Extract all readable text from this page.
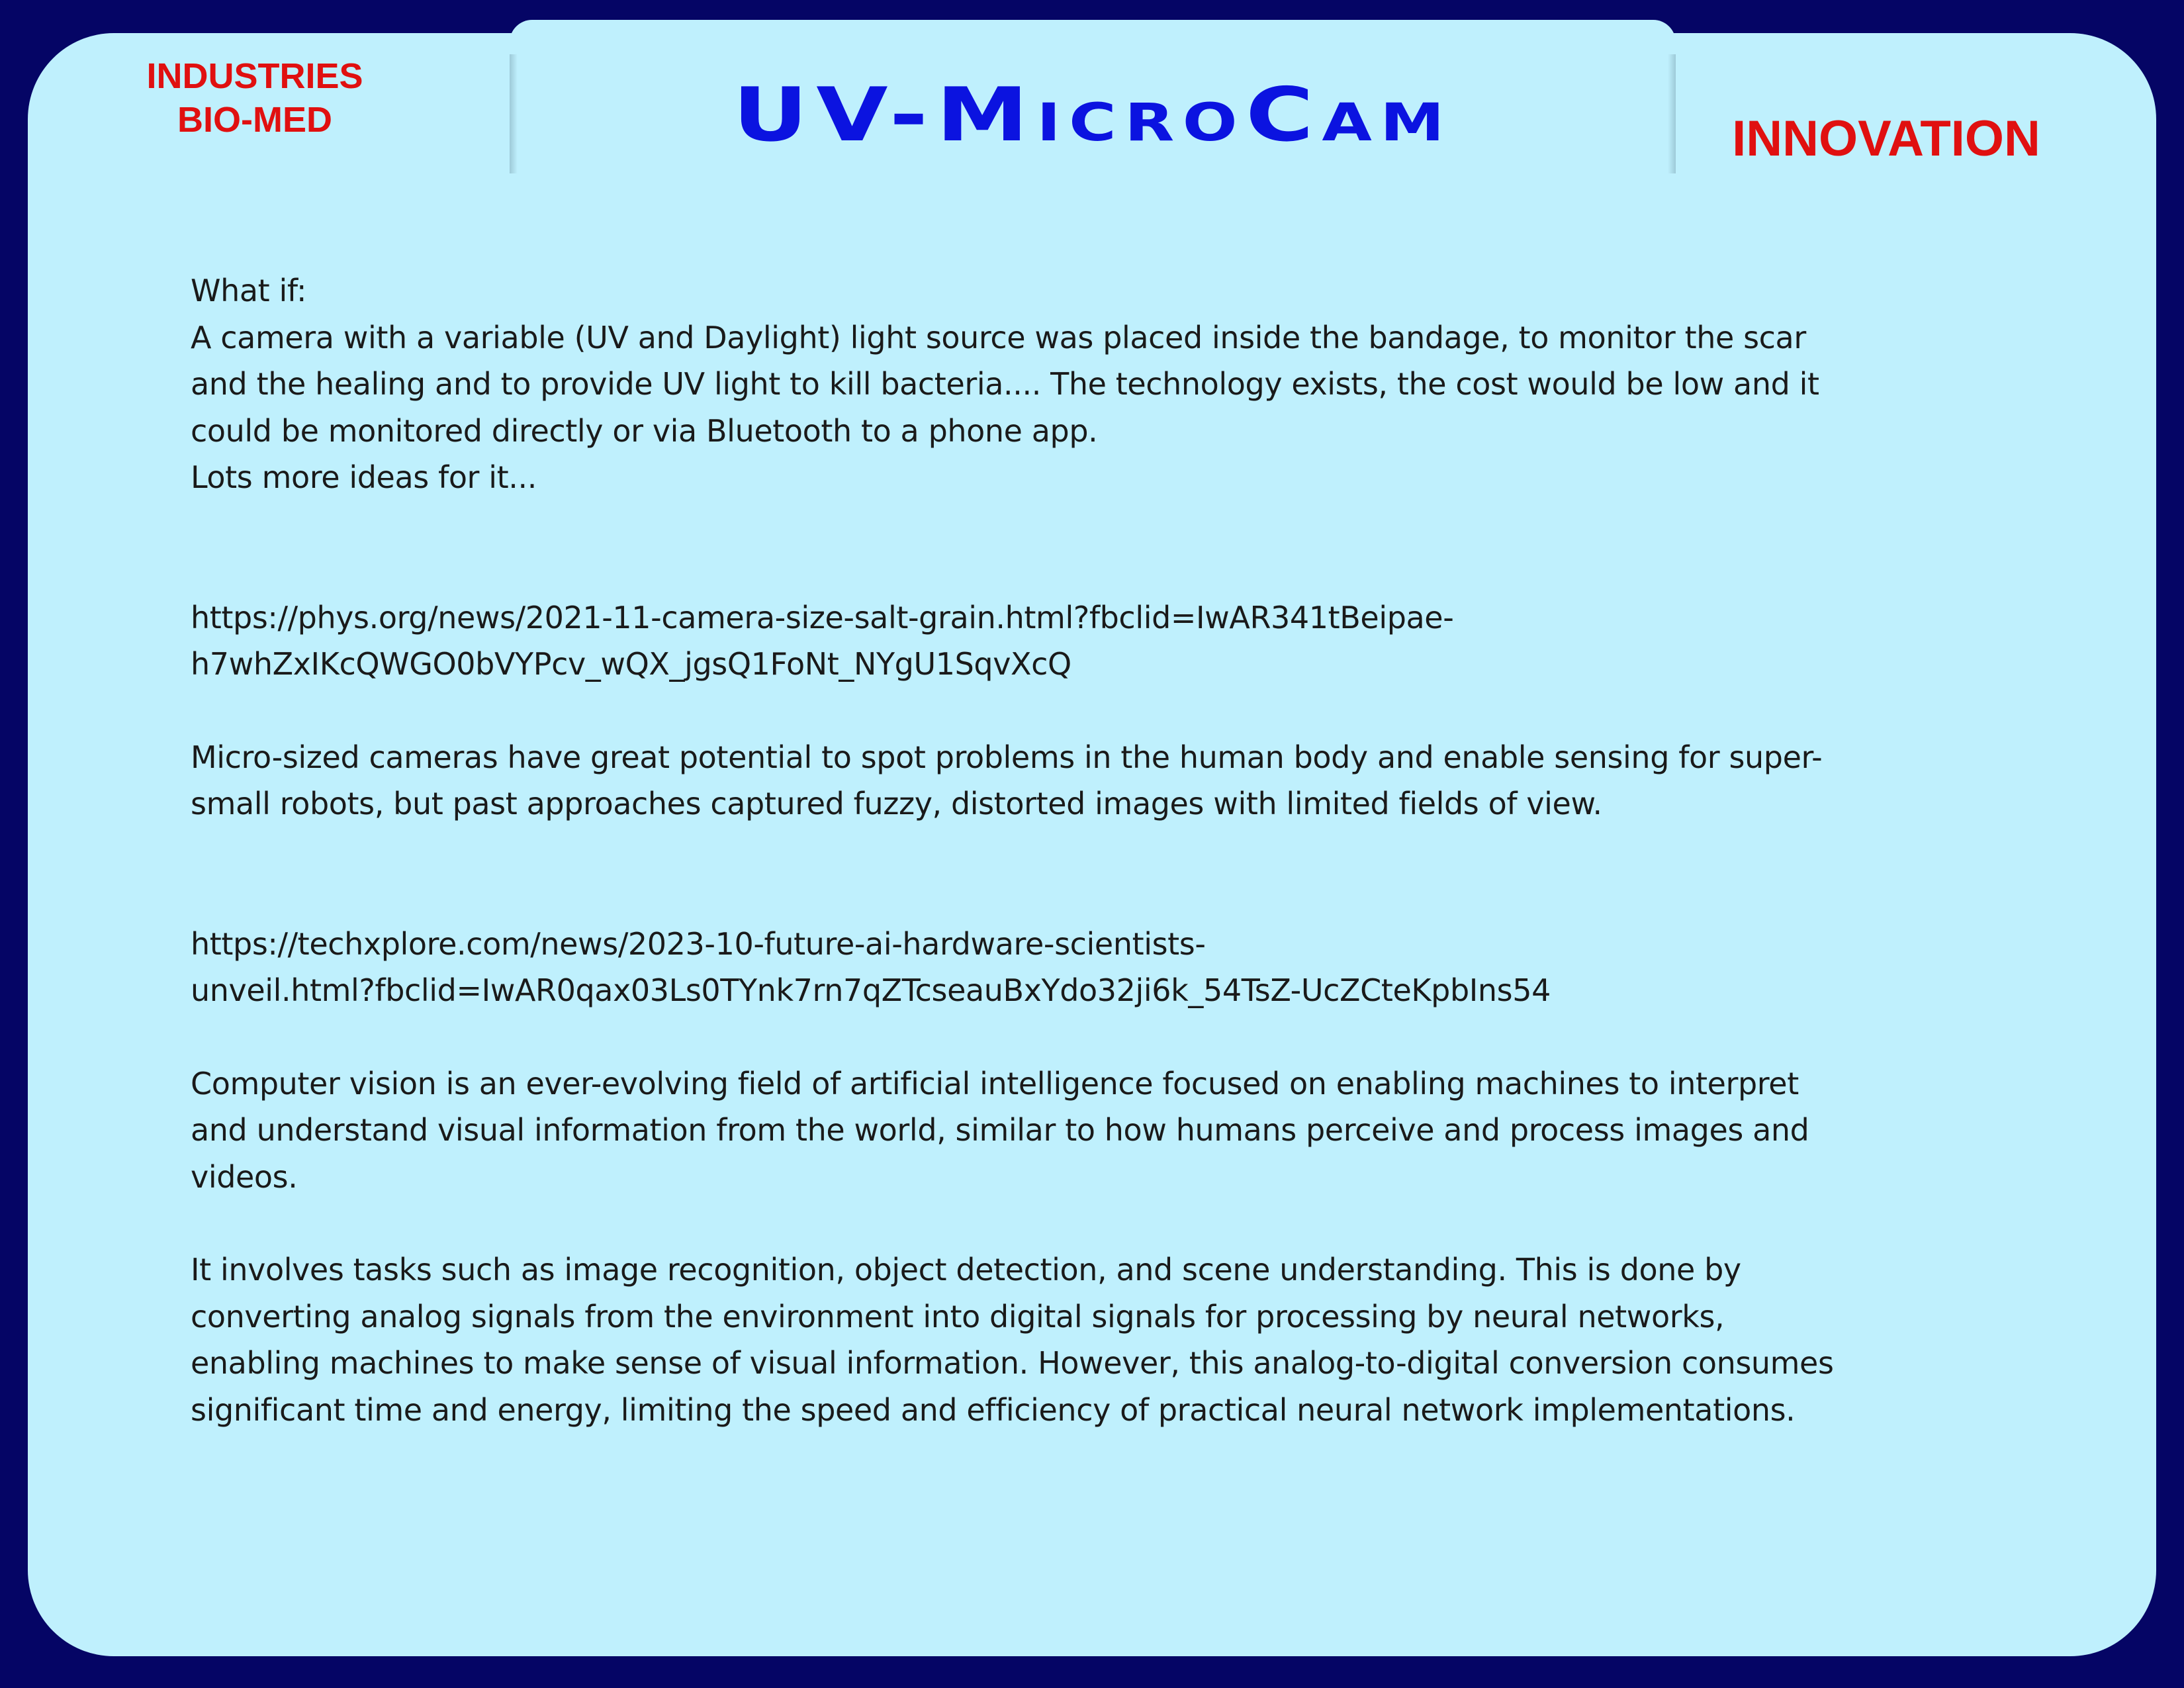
UV-MicroCam
INDUSTRIES
BIO-MED	INNOVATION
What if:
A camera with a variable (UV and Daylight) light source was placed inside the bandage, to monitor the scar
and the healing and to provide UV light to kill bacteria.... The technology exists, the cost would be low and it
could be monitored directly or via Bluetooth to a phone app.
Lots more ideas for it...
https://phys.org/news/2021-11-camera-size-salt-grain.html?fbclid=IwAR341tBeipae-
h7whZxIKcQWGO0bVYPcv_wQX_jgsQ1FoNt_NYgU1SqvXcQ
Micro-sized cameras have great potential to spot problems in the human body and enable sensing for super-
small robots, but past approaches captured fuzzy, distorted images with limited fields of view.
https://techxplore.com/news/2023-10-future-ai-hardware-scientists-
unveil.html?fbclid=IwAR0qax03Ls0TYnk7rn7qZTcseauBxYdo32ji6k_54TsZ-UcZCteKpbIns54
Computer vision is an ever-evolving field of artificial intelligence focused on enabling machines to interpret
and understand visual information from the world, similar to how humans perceive and process images and
videos.
It involves tasks such as image recognition, object detection, and scene understanding. This is done by
converting analog signals from the environment into digital signals for processing by neural networks,
enabling machines to make sense of visual information. However, this analog-to-digital conversion consumes
significant time and energy, limiting the speed and efficiency of practical neural network implementations.
